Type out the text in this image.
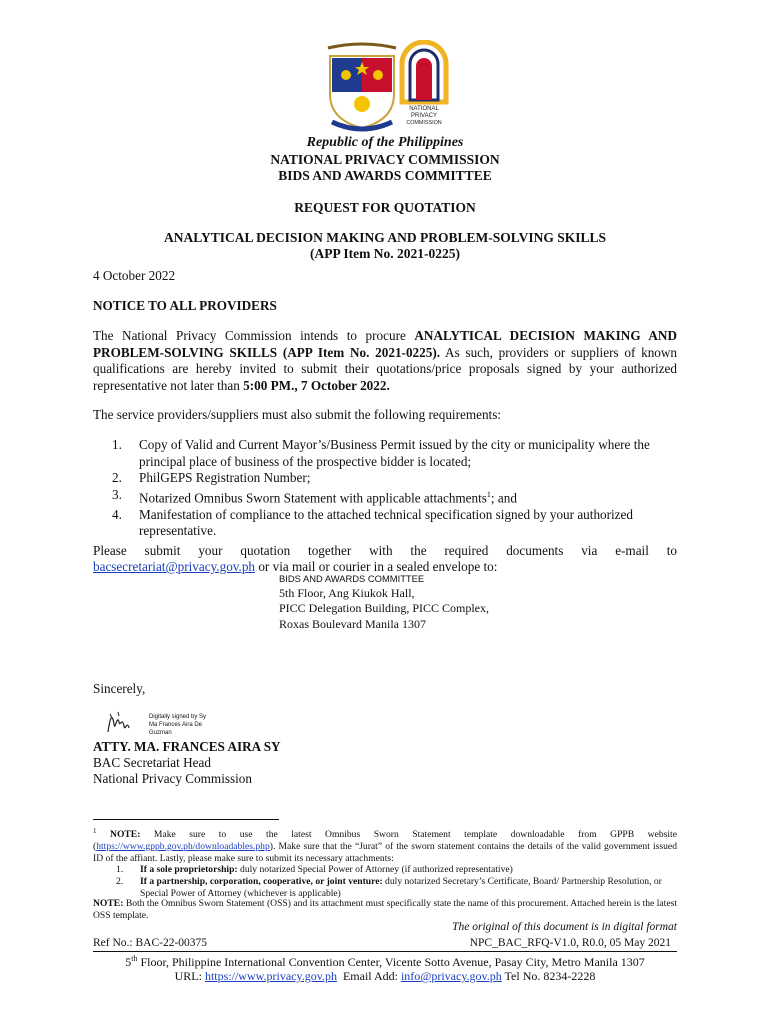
NATIONAL
PRIVACY
COMMISSION
Republic of the Philippines
NATIONAL PRIVACY COMMISSION
BIDS AND AWARDS COMMITTEE
REQUEST FOR QUOTATION
ANALYTICAL DECISION MAKING AND PROBLEM-SOLVING SKILLS
(APP Item No. 2021-0225)
4 October 2022
NOTICE TO ALL PROVIDERS
The National Privacy Commission intends to procure ANALYTICAL DECISION MAKING AND PROBLEM-SOLVING SKILLS (APP Item No. 2021-0225). As such, providers or suppliers of known qualifications are hereby invited to submit their quotations/price proposals signed by your authorized representative not later than 5:00 PM., 7 October 2022.
The service providers/suppliers must also submit the following requirements:
1.	Copy of Valid and Current Mayor’s/Business Permit issued by the city or municipality where the principal place of business of the prospective bidder is located;
2.	PhilGEPS Registration Number;
3.	Notarized Omnibus Sworn Statement with applicable attachments$^1$; and
4.	Manifestation of compliance to the attached technical specification signed by your authorized representative.
Please submit your quotation together with the required documents via e-mail to
bacsecretariat@privacy.gov.ph or via mail or courier in a sealed envelope to:
BIDS AND AWARDS COMMITTEE
5th Floor, Ang Kiukok Hall,
PICC Delegation Building, PICC Complex,
Roxas Boulevard Manila 1307
Sincerely,
Digitally signed by Sy Ma Frances Aira De Guzman
ATTY. MA. FRANCES AIRA SY
BAC Secretariat Head
National Privacy Commission
$^1$ NOTE: Make sure to use the latest Omnibus Sworn Statement template downloadable from GPPB website (https://www.gppb.gov.ph/downloadables.php). Make sure that the “Jurat” of the sworn statement contains the details of the valid government issued ID of the affiant. Lastly, please make sure to submit its necessary attachments:
1.	If a sole proprietorship: duly notarized Special Power of Attorney (if authorized representative)
2.	If a partnership, corporation, cooperative, or joint venture: duly notarized Secretary’s Certificate, Board/ Partnership Resolution, or Special Power of Attorney (whichever is applicable)
NOTE: Both the Omnibus Sworn Statement (OSS) and its attachment must specifically state the name of this procurement. Attached herein is the latest OSS template.
The original of this document is in digital format
Ref No.: BAC-22-00375	NPC_BAC_RFQ-V1.0, R0.0, 05 May 2021
5th Floor, Philippine International Convention Center, Vicente Sotto Avenue, Pasay City, Metro Manila 1307
URL: https://www.privacy.gov.ph  Email Add: info@privacy.gov.ph Tel No. 8234-2228
